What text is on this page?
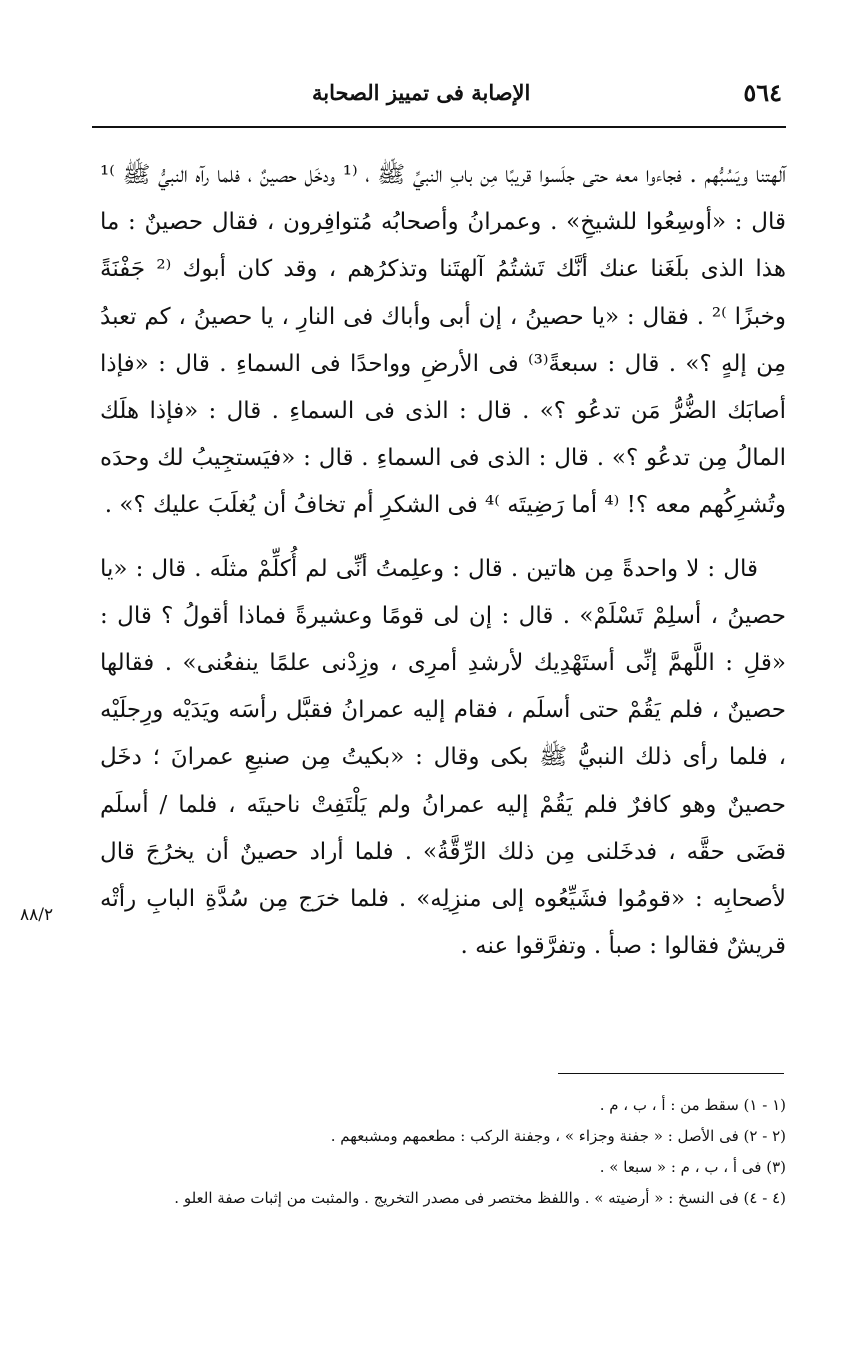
٥٦٤
الإصابة فى تمييز الصحابة

آلهتنا ويَسُبُّهم . فجاءوا معه حتى جلَسوا قريبًا مِن بابِ النبيِّ ﷺ ، ⁽¹ ودخَل حصينٌ ، فلما رآه النبيُّ ﷺ ⁾¹ قال : «أوسِعُوا للشيخِ» . وعمرانُ وأصحابُه مُتوافِرون ، فقال حصينٌ : ما هذا الذى بلَغَنا عنك أنَّك تَشتُمُ آلهتَنا وتذكرُهم ، وقد كان أبوك ⁽² جَفْنَةً وخبزًا ⁾² . فقال : «يا حصينُ ، إن أبى وأباك فى النارِ ، يا حصينُ ، كم تعبدُ مِن إلهٍ ؟» . قال : سبعةً⁽³⁾ فى الأرضِ وواحدًا فى السماءِ . قال : «فإذا أصابَك الضُّرُّ مَن تدعُو ؟» . قال : الذى فى السماءِ . قال : «فإذا هلَك المالُ مِن تدعُو ؟» . قال : الذى فى السماءِ . قال : «فيَستجِيبُ لك وحدَه وتُشرِكُهم معه ؟! ⁽⁴ أما رَضِيتَه ⁾⁴ فى الشكرِ أم تخافُ أن يُغلَبَ عليك ؟» .

قال : لا واحدةً مِن هاتين . قال : وعلِمتُ أنِّى لم أُكلِّمْ مثلَه . قال : «يا حصينُ ، أسلِمْ تَسْلَمْ» . قال : إن لى قومًا وعشيرةً فماذا أقولُ ؟ قال : «قلِ : اللَّهمَّ إنِّى أستَهْدِيك لأرشدِ أمرِى ، وزِدْنى علمًا ينفعُنى» . فقالها حصينٌ ، فلم يَقُمْ حتى أسلَم ، فقام إليه عمرانُ فقبَّل رأسَه ويَدَيْه ورِجلَيْه ، فلما رأى ذلك النبيُّ ﷺ بكى وقال : «بكيتُ مِن صنيعِ عمرانَ ؛ دخَل حصينٌ وهو كافرٌ فلم يَقُمْ إليه عمرانُ ولم يَلْتَفِتْ ناحيتَه ، فلما / أسلَم قضَى حقَّه ، فدخَلنى مِن ذلك الرِّقَّةُ» . فلما أراد حصينٌ أن يخرُجَ قال لأصحابِه : «قومُوا فشَيِّعُوه إلى منزِلِه» . فلما خرَج مِن سُدَّةِ البابِ رأتْه قريشٌ فقالوا : صبأ . وتفرَّقوا عنه .

٨٨/٢
(١ - ١) سقط من : أ ، ب ، م .
(٢ - ٢) فى الأصل : « جفنة وجزاء » ، وجفنة الركب : مطعمهم ومشبعهم .
(٣) فى أ ، ب ، م : « سبعا » .
(٤ - ٤) فى النسخ : « أرضيته » . واللفظ مختصر فى مصدر التخريج . والمثبت من إثبات صفة العلو .
